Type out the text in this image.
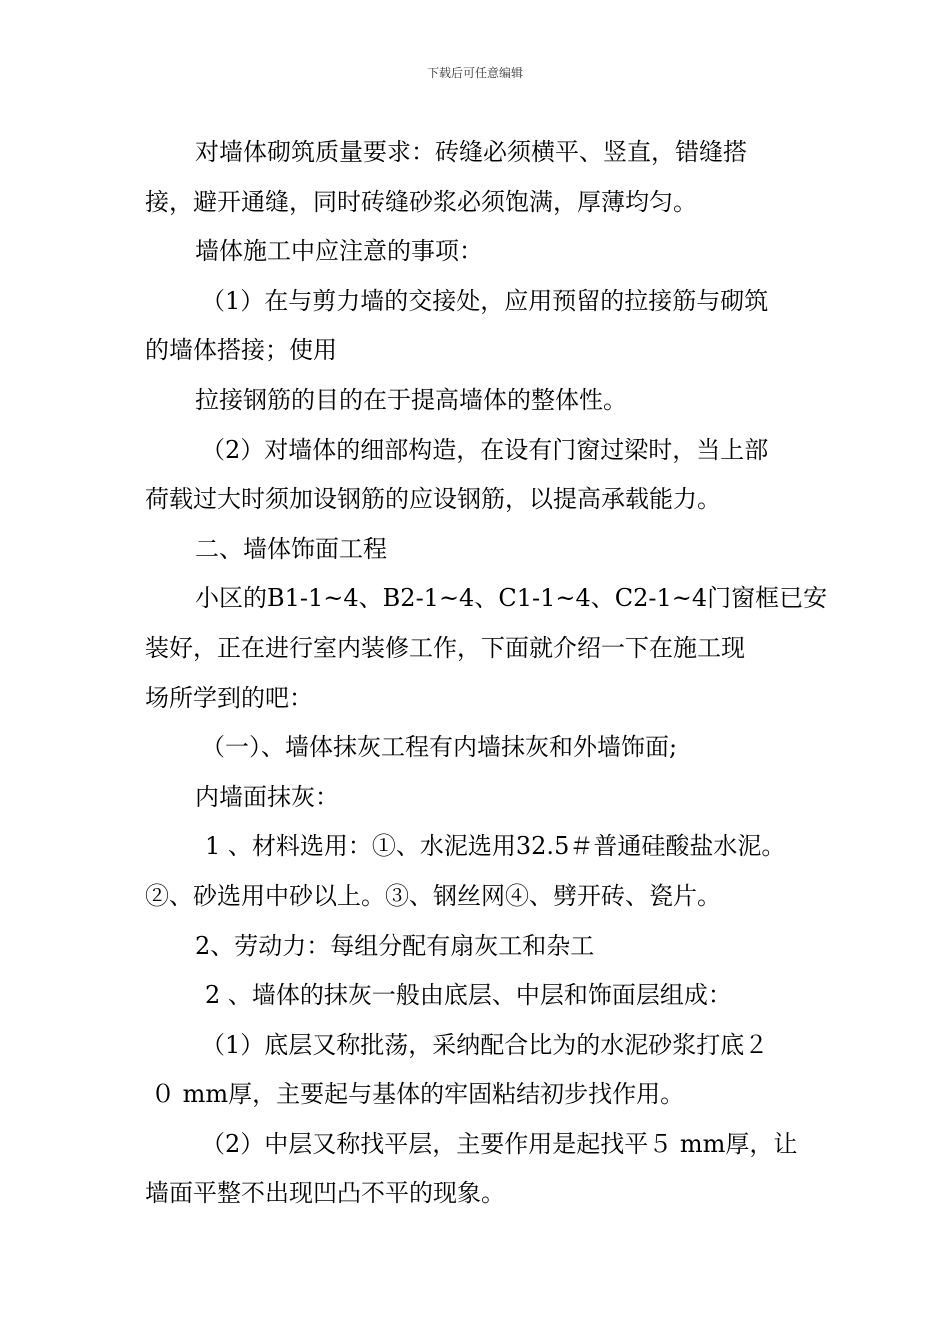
下载后可任意编辑
对墙体砌筑质量要求：砖缝必须横平、竖直，错缝搭
接，避开通缝，同时砖缝砂浆必须饱满，厚薄均匀。
墙体施工中应注意的事项：
（1）在与剪力墙的交接处，应用预留的拉接筋与砌筑
的墙体搭接；使用
拉接钢筋的目的在于提高墙体的整体性。
（2）对墙体的细部构造，在设有门窗过梁时，当上部
荷载过大时须加设钢筋的应设钢筋，以提高承载能力。
二、墙体饰面工程
小区的B1-1~4、B2-1~4、C1-1~4、C2-1~4门窗框已安
装好，正在进行室内装修工作，下面就介绍一下在施工现
场所学到的吧：
（一）、墙体抹灰工程有内墙抹灰和外墙饰面;
内墙面抹灰：
1 、材料选用：①、水泥选用32.5＃普通硅酸盐水泥。
②、砂选用中砂以上。③、钢丝网④、劈开砖、瓷片。
2、劳动力：每组分配有扇灰工和杂工
2 、墙体的抹灰一般由底层、中层和饰面层组成：
（1）底层又称批荡，采纳配合比为的水泥砂浆打底２
０ mm厚，主要起与基体的牢固粘结初步找作用。
（2）中层又称找平层，主要作用是起找平５ mm厚，让
墙面平整不出现凹凸不平的现象。
